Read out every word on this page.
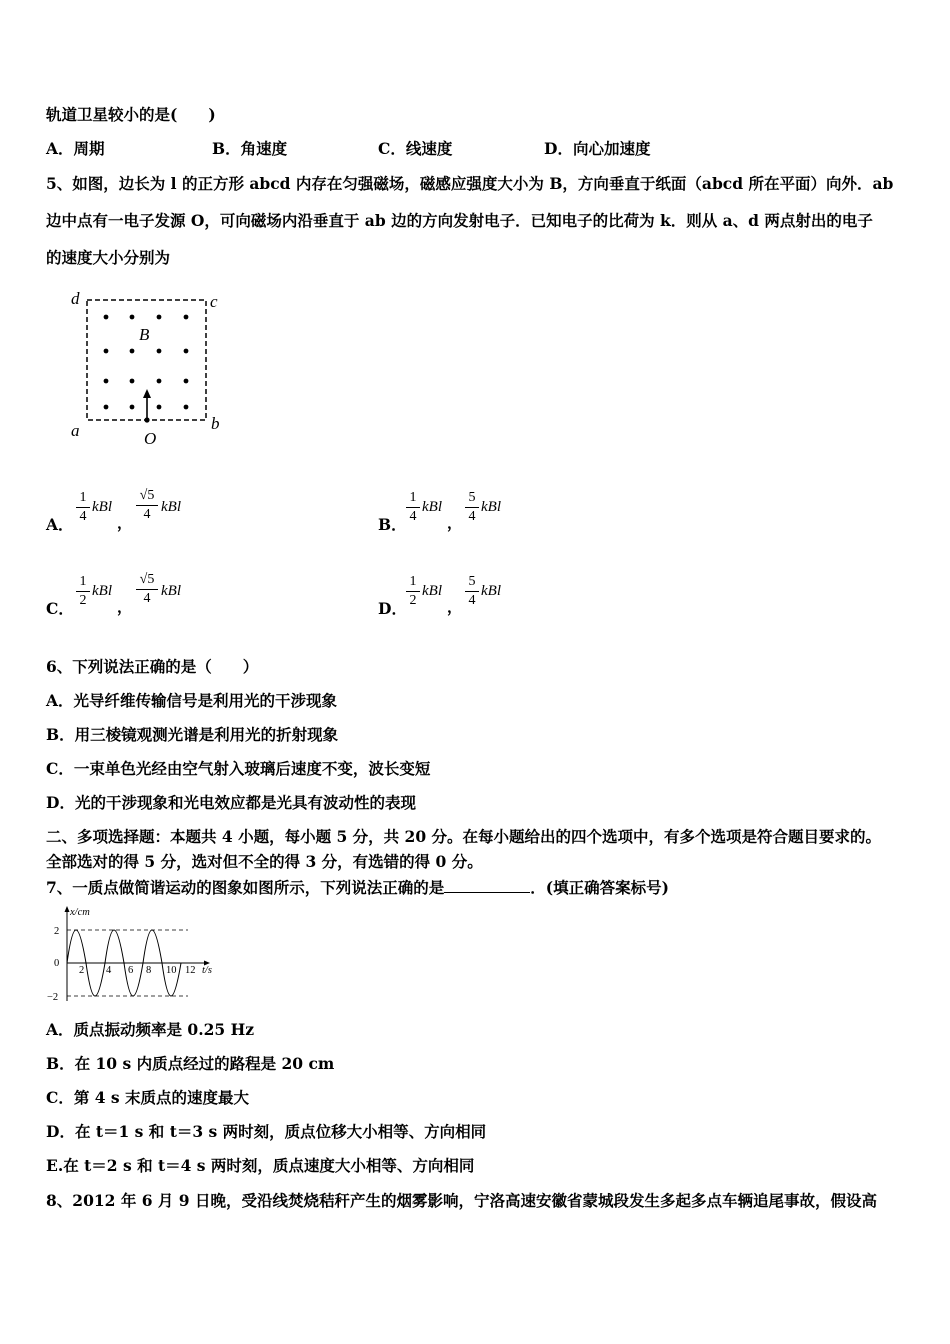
轨道卫星较小的是(　　)
A．周期	B．角速度	C．线速度	D．向心加速度
5、如图，边长为 l 的正方形 abcd 内存在匀强磁场，磁感应强度大小为 B，方向垂直于纸面（abcd 所在平面）向外．ab
边中点有一电子发源 O，可向磁场内沿垂直于 ab 边的方向发射电子．已知电子的比荷为 k．则从 a、d 两点射出的电子
的速度大小分别为
d	c
a	b
B
O
A．
1
4
kBl
，
√5
4 kBl
B．
1
4
kBl
，
5
4
kBl
C．
1
2
kBl
，
√5
4 kBl
D．
1
2
kBl
，
5
4
kBl
6、下列说法正确的是（　　）
A．光导纤维传输信号是利用光的干涉现象
B．用三棱镜观测光谱是利用光的折射现象
C．一束单色光经由空气射入玻璃后速度不变，波长变短
D．光的干涉现象和光电效应都是光具有波动性的表现
二、多项选择题：本题共 4 小题，每小题 5 分，共 20 分。在每小题给出的四个选项中，有多个选项是符合题目要求的。
全部选对的得 5 分，选对但不全的得 3 分，有选错的得 0 分。
7、一质点做简谐运动的图象如图所示，下列说法正确的是	．(填正确答案标号)
x/cm
t/s
2
0
−2
2 4 6 8 10 12
A．质点振动频率是 0.25 Hz
B．在 10 s 内质点经过的路程是 20 cm
C．第 4 s 末质点的速度最大
D．在 t＝1 s 和 t＝3 s 两时刻，质点位移大小相等、方向相同
E.在 t＝2 s 和 t＝4 s 两时刻，质点速度大小相等、方向相同
8、2012 年 6 月 9 日晚，受沿线焚烧秸秆产生的烟雾影响，宁洛高速安徽省蒙城段发生多起多点车辆追尾事故，假设高
